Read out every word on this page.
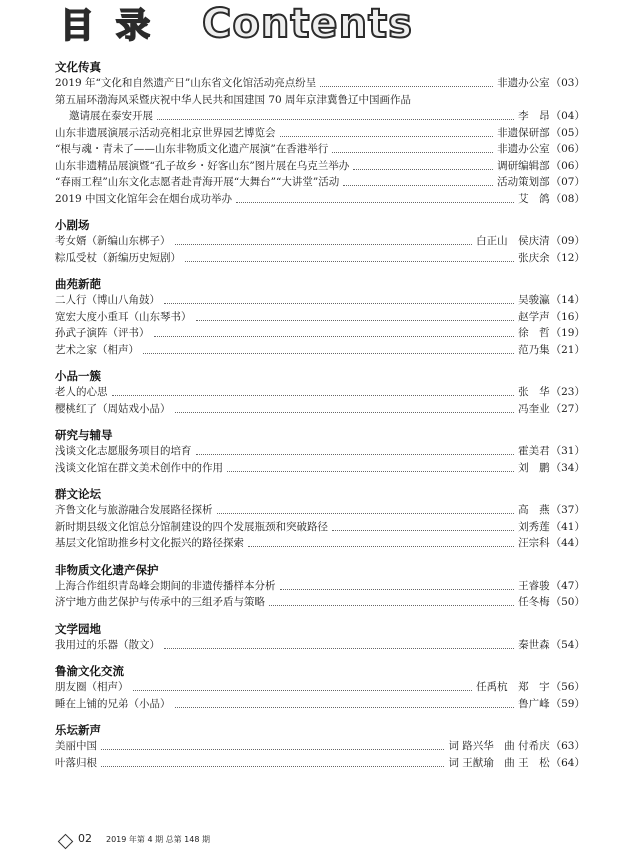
目录 Contents
文化传真
2019 年“文化和自然遗产日”山东省文化馆活动亮点纷呈	非遗办公室 （03）
第五届环渤海风采暨庆祝中华人民共和国建国 70 周年京津冀鲁辽中国画作品
邀请展在泰安开展	李　昂 （04）
山东非遗展演展示活动亮相北京世界园艺博览会	非遗保研部 （05）
“根与魂・青未了——山东非物质文化遗产展演”在香港举行	非遗办公室 （06）
山东非遗精品展演暨“孔子故乡・好客山东”图片展在乌克兰举办	调研编辑部 （06）
“春雨工程”山东文化志愿者赴青海开展“大舞台”“大讲堂”活动	活动策划部 （07）
2019 中国文化馆年会在烟台成功举办	艾　鸽 （08）
小剧场
考女婿（新编山东梆子）	白正山　侯庆清 （09）
粽瓜受杖（新编历史短剧）	张庆余 （12）
曲苑新葩
二人行（博山八角鼓）	吴骏瀛 （14）
宽宏大度小重耳（山东琴书）	赵学声 （16）
孙武子演阵（评书）	徐　哲 （19）
艺术之家（相声）	范乃集 （21）
小品一簇
老人的心思	张　华 （23）
樱桃红了（周姑戏小品）	冯奎业 （27）
研究与辅导
浅谈文化志愿服务项目的培育	霍美君 （31）
浅谈文化馆在群文美术创作中的作用	刘　鹏 （34）
群文论坛
齐鲁文化与旅游融合发展路径探析	高　燕 （37）
新时期县级文化馆总分馆制建设的四个发展瓶颈和突破路径	刘秀莲 （41）
基层文化馆助推乡村文化振兴的路径探索	汪宗科 （44）
非物质文化遗产保护
上海合作组织青岛峰会期间的非遗传播样本分析	王睿骏 （47）
济宁地方曲艺保护与传承中的三组矛盾与策略	任冬梅 （50）
文学园地
我用过的乐器（散文）	秦世森 （54）
鲁渝文化交流
朋友圈（相声）	任禹杭　郑　宇 （56）
睡在上铺的兄弟（小品）	鲁广峰 （59）
乐坛新声
美丽中国	词 路兴华　曲 付希庆 （63）
叶落归根	词 王猷瑜　曲 王　松 （64）
02 2019 年第 4 期 总第 148 期
